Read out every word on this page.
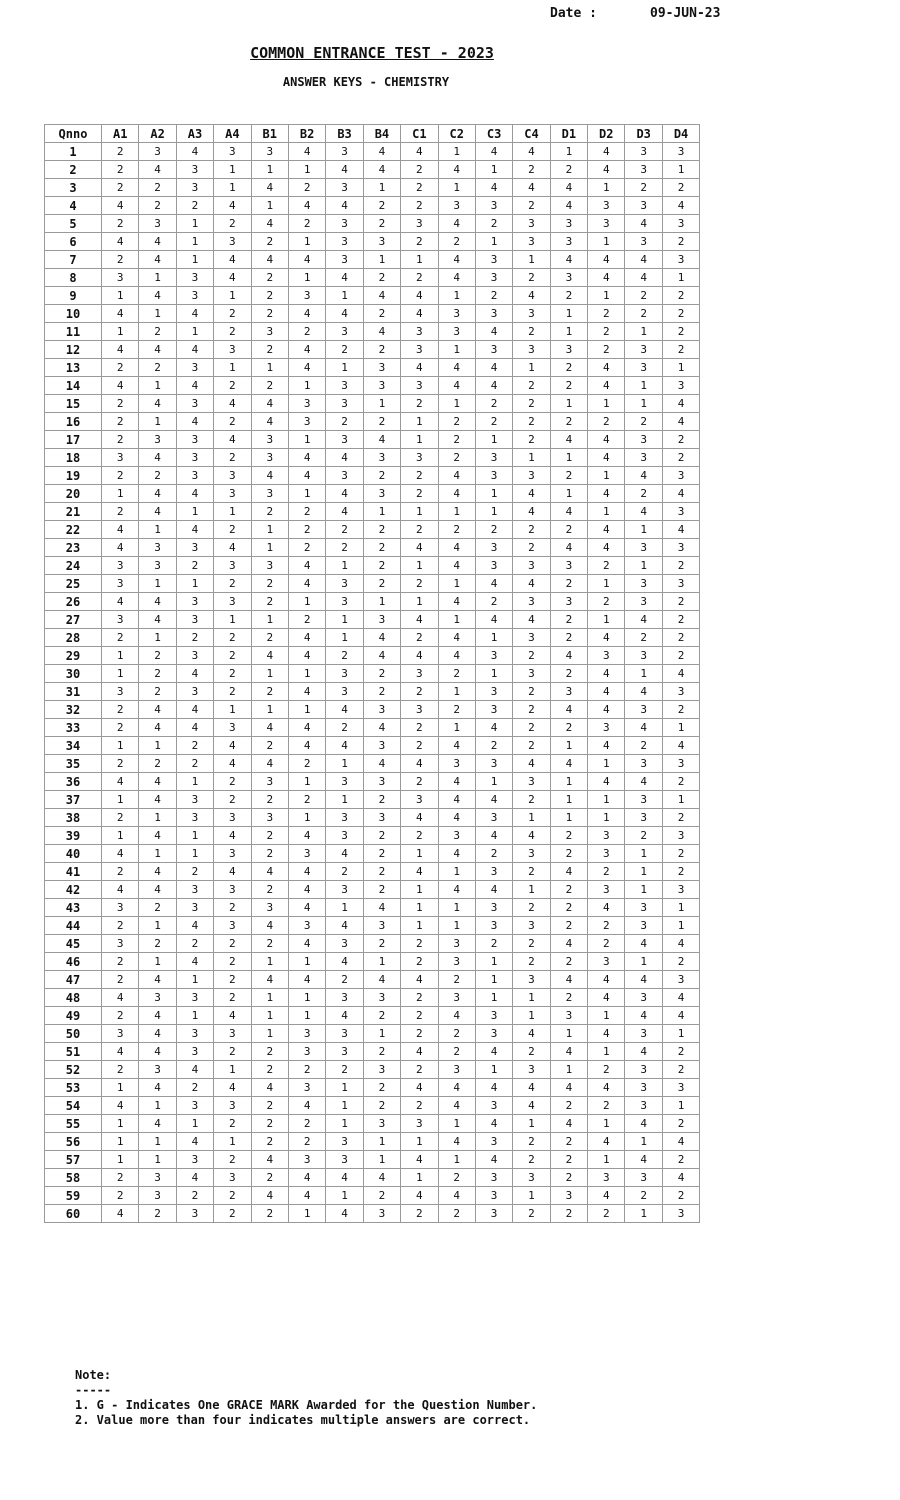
Date :	09-JUN-23
COMMON ENTRANCE TEST - 2023
ANSWER KEYS - CHEMISTRY
Qnno	A1	A2	A3	A4	B1	B2	B3	B4	C1	C2	C3	C4	D1	D2	D3	D4
1	2	3	4	3	3	4	3	4	4	1	4	4	1	4	3	3
2	2	4	3	1	1	1	4	4	2	4	1	2	2	4	3	1
3	2	2	3	1	4	2	3	1	2	1	4	4	4	1	2	2
4	4	2	2	4	1	4	4	2	2	3	3	2	4	3	3	4
5	2	3	1	2	4	2	3	2	3	4	2	3	3	3	4	3
6	4	4	1	3	2	1	3	3	2	2	1	3	3	1	3	2
7	2	4	1	4	4	4	3	1	1	4	3	1	4	4	4	3
8	3	1	3	4	2	1	4	2	2	4	3	2	3	4	4	1
9	1	4	3	1	2	3	1	4	4	1	2	4	2	1	2	2
10	4	1	4	2	2	4	4	2	4	3	3	3	1	2	2	2
11	1	2	1	2	3	2	3	4	3	3	4	2	1	2	1	2
12	4	4	4	3	2	4	2	2	3	1	3	3	3	2	3	2
13	2	2	3	1	1	4	1	3	4	4	4	1	2	4	3	1
14	4	1	4	2	2	1	3	3	3	4	4	2	2	4	1	3
15	2	4	3	4	4	3	3	1	2	1	2	2	1	1	1	4
16	2	1	4	2	4	3	2	2	1	2	2	2	2	2	2	4
17	2	3	3	4	3	1	3	4	1	2	1	2	4	4	3	2
18	3	4	3	2	3	4	4	3	3	2	3	1	1	4	3	2
19	2	2	3	3	4	4	3	2	2	4	3	3	2	1	4	3
20	1	4	4	3	3	1	4	3	2	4	1	4	1	4	2	4
21	2	4	1	1	2	2	4	1	1	1	1	4	4	1	4	3
22	4	1	4	2	1	2	2	2	2	2	2	2	2	4	1	4
23	4	3	3	4	1	2	2	2	4	4	3	2	4	4	3	3
24	3	3	2	3	3	4	1	2	1	4	3	3	3	2	1	2
25	3	1	1	2	2	4	3	2	2	1	4	4	2	1	3	3
26	4	4	3	3	2	1	3	1	1	4	2	3	3	2	3	2
27	3	4	3	1	1	2	1	3	4	1	4	4	2	1	4	2
28	2	1	2	2	2	4	1	4	2	4	1	3	2	4	2	2
29	1	2	3	2	4	4	2	4	4	4	3	2	4	3	3	2
30	1	2	4	2	1	1	3	2	3	2	1	3	2	4	1	4
31	3	2	3	2	2	4	3	2	2	1	3	2	3	4	4	3
32	2	4	4	1	1	1	4	3	3	2	3	2	4	4	3	2
33	2	4	4	3	4	4	2	4	2	1	4	2	2	3	4	1
34	1	1	2	4	2	4	4	3	2	4	2	2	1	4	2	4
35	2	2	2	4	4	2	1	4	4	3	3	4	4	1	3	3
36	4	4	1	2	3	1	3	3	2	4	1	3	1	4	4	2
37	1	4	3	2	2	2	1	2	3	4	4	2	1	1	3	1
38	2	1	3	3	3	1	3	3	4	4	3	1	1	1	3	2
39	1	4	1	4	2	4	3	2	2	3	4	4	2	3	2	3
40	4	1	1	3	2	3	4	2	1	4	2	3	2	3	1	2
41	2	4	2	4	4	4	2	2	4	1	3	2	4	2	1	2
42	4	4	3	3	2	4	3	2	1	4	4	1	2	3	1	3
43	3	2	3	2	3	4	1	4	1	1	3	2	2	4	3	1
44	2	1	4	3	4	3	4	3	1	1	3	3	2	2	3	1
45	3	2	2	2	2	4	3	2	2	3	2	2	4	2	4	4
46	2	1	4	2	1	1	4	1	2	3	1	2	2	3	1	2
47	2	4	1	2	4	4	2	4	4	2	1	3	4	4	4	3
48	4	3	3	2	1	1	3	3	2	3	1	1	2	4	3	4
49	2	4	1	4	1	1	4	2	2	4	3	1	3	1	4	4
50	3	4	3	3	1	3	3	1	2	2	3	4	1	4	3	1
51	4	4	3	2	2	3	3	2	4	2	4	2	4	1	4	2
52	2	3	4	1	2	2	2	3	2	3	1	3	1	2	3	2
53	1	4	2	4	4	3	1	2	4	4	4	4	4	4	3	3
54	4	1	3	3	2	4	1	2	2	4	3	4	2	2	3	1
55	1	4	1	2	2	2	1	3	3	1	4	1	4	1	4	2
56	1	1	4	1	2	2	3	1	1	4	3	2	2	4	1	4
57	1	1	3	2	4	3	3	1	4	1	4	2	2	1	4	2
58	2	3	4	3	2	4	4	4	1	2	3	3	2	3	3	4
59	2	3	2	2	4	4	1	2	4	4	3	1	3	4	2	2
60	4	2	3	2	2	1	4	3	2	2	3	2	2	2	1	3
Note:
-----
1. G - Indicates One GRACE MARK Awarded for the Question Number.
2. Value more than four indicates multiple answers are correct.
